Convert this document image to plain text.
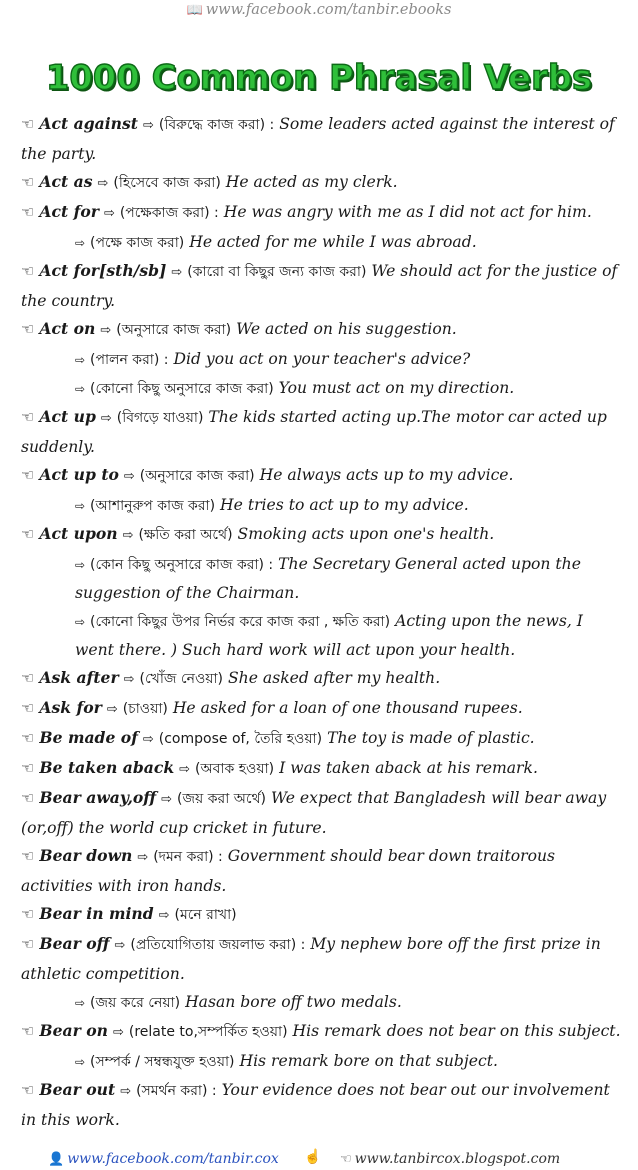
📖 www.facebook.com/tanbir.ebooks
1000 Common Phrasal Verbs

☜ Act against ⇨ (বিরুদ্ধে কাজ করা) : Some leaders acted against the interest of the party.

☜ Act as ⇨ (হিসেবে কাজ করা) He acted as my clerk.

☜ Act for ⇨ (পক্ষেকাজ করা) : He was angry with me as I did not act for him.

⇨ (পক্ষে কাজ করা) He acted for me while I was abroad.

☜ Act for[sth/sb] ⇨ (কারো বা কিছুর জন্য কাজ করা) We should act for the justice of the country.

☜ Act on ⇨ (অনুসারে কাজ করা) We acted on his suggestion.

⇨ (পালন করা) : Did you act on your teacher's advice?

⇨ (কোনো কিছু অনুসারে কাজ করা) You must act on my direction.

☜ Act up ⇨ (বিগড়ে যাওয়া) The kids started acting up.The motor car acted up suddenly.

☜ Act up to ⇨ (অনুসারে কাজ করা) He always acts up to my advice.

⇨ (আশানুরুপ কাজ করা) He tries to act up to my advice.

☜ Act upon ⇨ (ক্ষতি করা অর্থে) Smoking acts upon one's health.

⇨ (কোন কিছু অনুসারে কাজ করা) : The Secretary General acted upon the suggestion of the Chairman.

⇨ (কোনো কিছুর উপর নির্ভর করে কাজ করা , ক্ষতি করা) Acting upon the news, I went there. ) Such hard work will act upon your health.

☜ Ask after ⇨ (খোঁজ নেওয়া) She asked after my health.

☜ Ask for ⇨ (চাওয়া) He asked for a loan of one thousand rupees.

☜ Be made of ⇨ (compose of, তৈরি হওয়া) The toy is made of plastic.

☜ Be taken aback ⇨ (অবাক হওয়া) I was taken aback at his remark.

☜ Bear away,off ⇨ (জয় করা অর্থে) We expect that Bangladesh will bear away (or,off) the world cup cricket in future.

☜ Bear down ⇨ (দমন করা) : Government should bear down traitorous activities with iron hands.

☜ Bear in mind ⇨ (মনে রাখা)

☜ Bear off ⇨ (প্রতিযোগিতায় জয়লাভ করা) : My nephew bore off the first prize in athletic competition.

⇨ (জয় করে নেয়া) Hasan bore off two medals.

☜ Bear on ⇨ (relate to,সম্পর্কিত হওয়া) His remark does not bear on this subject.

⇨ (সম্পর্ক / সম্বন্ধযুক্ত হওয়া) His remark bore on that subject.

☜ Bear out ⇨ (সমর্থন করা) : Your evidence does not bear out our involvement in this work.

👤 www.facebook.com/tanbir.cox ☝ ☜ www.tanbircox.blogspot.com
